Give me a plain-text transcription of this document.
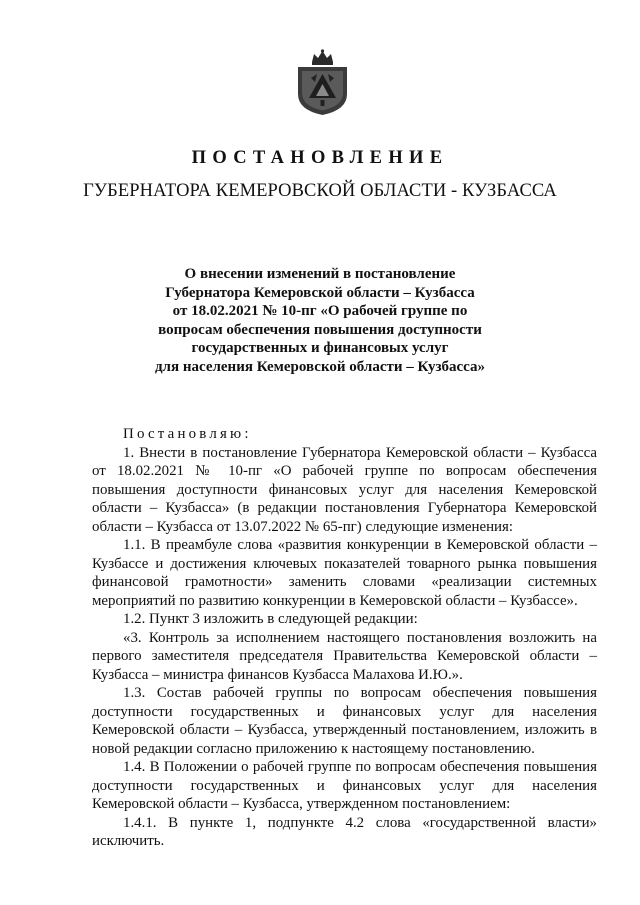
ПОСТАНОВЛЕНИЕ
ГУБЕРНАТОРА КЕМЕРОВСКОЙ ОБЛАСТИ - КУЗБАССА
О внесении изменений в постановление
Губернатора Кемеровской области – Кузбасса
от 18.02.2021 № 10-пг «О рабочей группе по
вопросам обеспечения повышения доступности
государственных и финансовых услуг
для населения Кемеровской области – Кузбасса»

Постановляю:

1. Внести в постановление Губернатора Кемеровской области – Кузбасса от 18.02.2021 № 10-пг «О рабочей группе по вопросам обеспечения повышения доступности финансовых услуг для населения Кемеровской области – Кузбасса» (в редакции постановления Губернатора Кемеровской области – Кузбасса от 13.07.2022 № 65-пг) следующие изменения:

1.1. В преамбуле слова «развития конкуренции в Кемеровской области – Кузбассе и достижения ключевых показателей товарного рынка повышения финансовой грамотности» заменить словами «реализации системных мероприятий по развитию конкуренции в Кемеровской области – Кузбассе».

1.2. Пункт 3 изложить в следующей редакции:

«3. Контроль за исполнением настоящего постановления возложить на первого заместителя председателя Правительства Кемеровской области – Кузбасса – министра финансов Кузбасса Малахова И.Ю.».

1.3. Состав рабочей группы по вопросам обеспечения повышения доступности государственных и финансовых услуг для населения Кемеровской области – Кузбасса, утвержденный постановлением, изложить в новой редакции согласно приложению к настоящему постановлению.

1.4. В Положении о рабочей группе по вопросам обеспечения повышения доступности государственных и финансовых услуг для населения Кемеровской области – Кузбасса, утвержденном постановлением:

1.4.1. В пункте 1, подпункте 4.2 слова «государственной власти» исключить.
